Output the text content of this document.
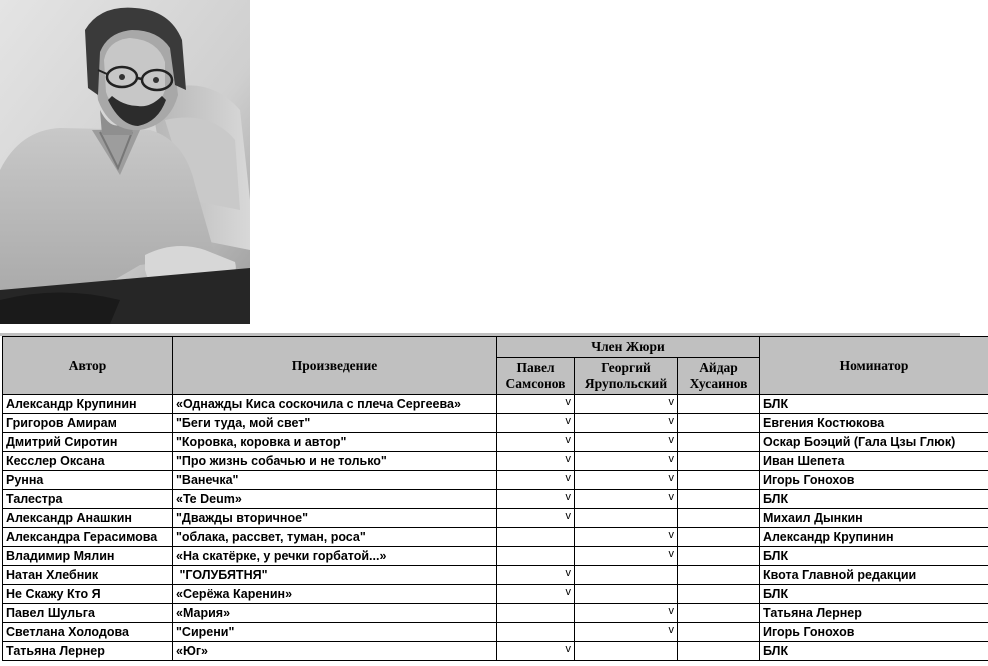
Автор	Произведение	Член Жюри			Номинатор
		Павел Самсонов	Георгий Ярупольский	Айдар Хусаинов	
Александр Крупинин	«Однажды Киса соскочила с плеча Сергеева»	v	v		БЛК
Григоров Амирам	"Беги туда, мой свет"	v	v		Евгения Костюкова
Дмитрий Сиротин	"Коровка, коровка и автор"	v	v		Оскар Боэций (Гала Цзы Глюк)
Кесслер Оксана	"Про жизнь собачью и не только"	v	v		Иван Шепета
Рунна	"Ванечка"	v	v		Игорь Гонохов
Талестра	«Te Deum»	v	v		БЛК
Александр Анашкин	"Дважды вторичное"	v			Михаил Дынкин
Александра Герасимова	"облака, рассвет, туман, роса"		v		Александр Крупинин
Владимир Мялин	«На скатёрке, у речки горбатой...»		v		БЛК
Натан Хлебник	"ГОЛУБЯТНЯ"	v			Квота Главной редакции
Не Скажу Кто Я	«Серёжа Каренин»	v			БЛК
Павел Шульга	«Мария»		v		Татьяна Лернер
Светлана Холодова	"Сирени"		v		Игорь Гонохов
Татьяна Лернер	«Юг»	v			БЛК
